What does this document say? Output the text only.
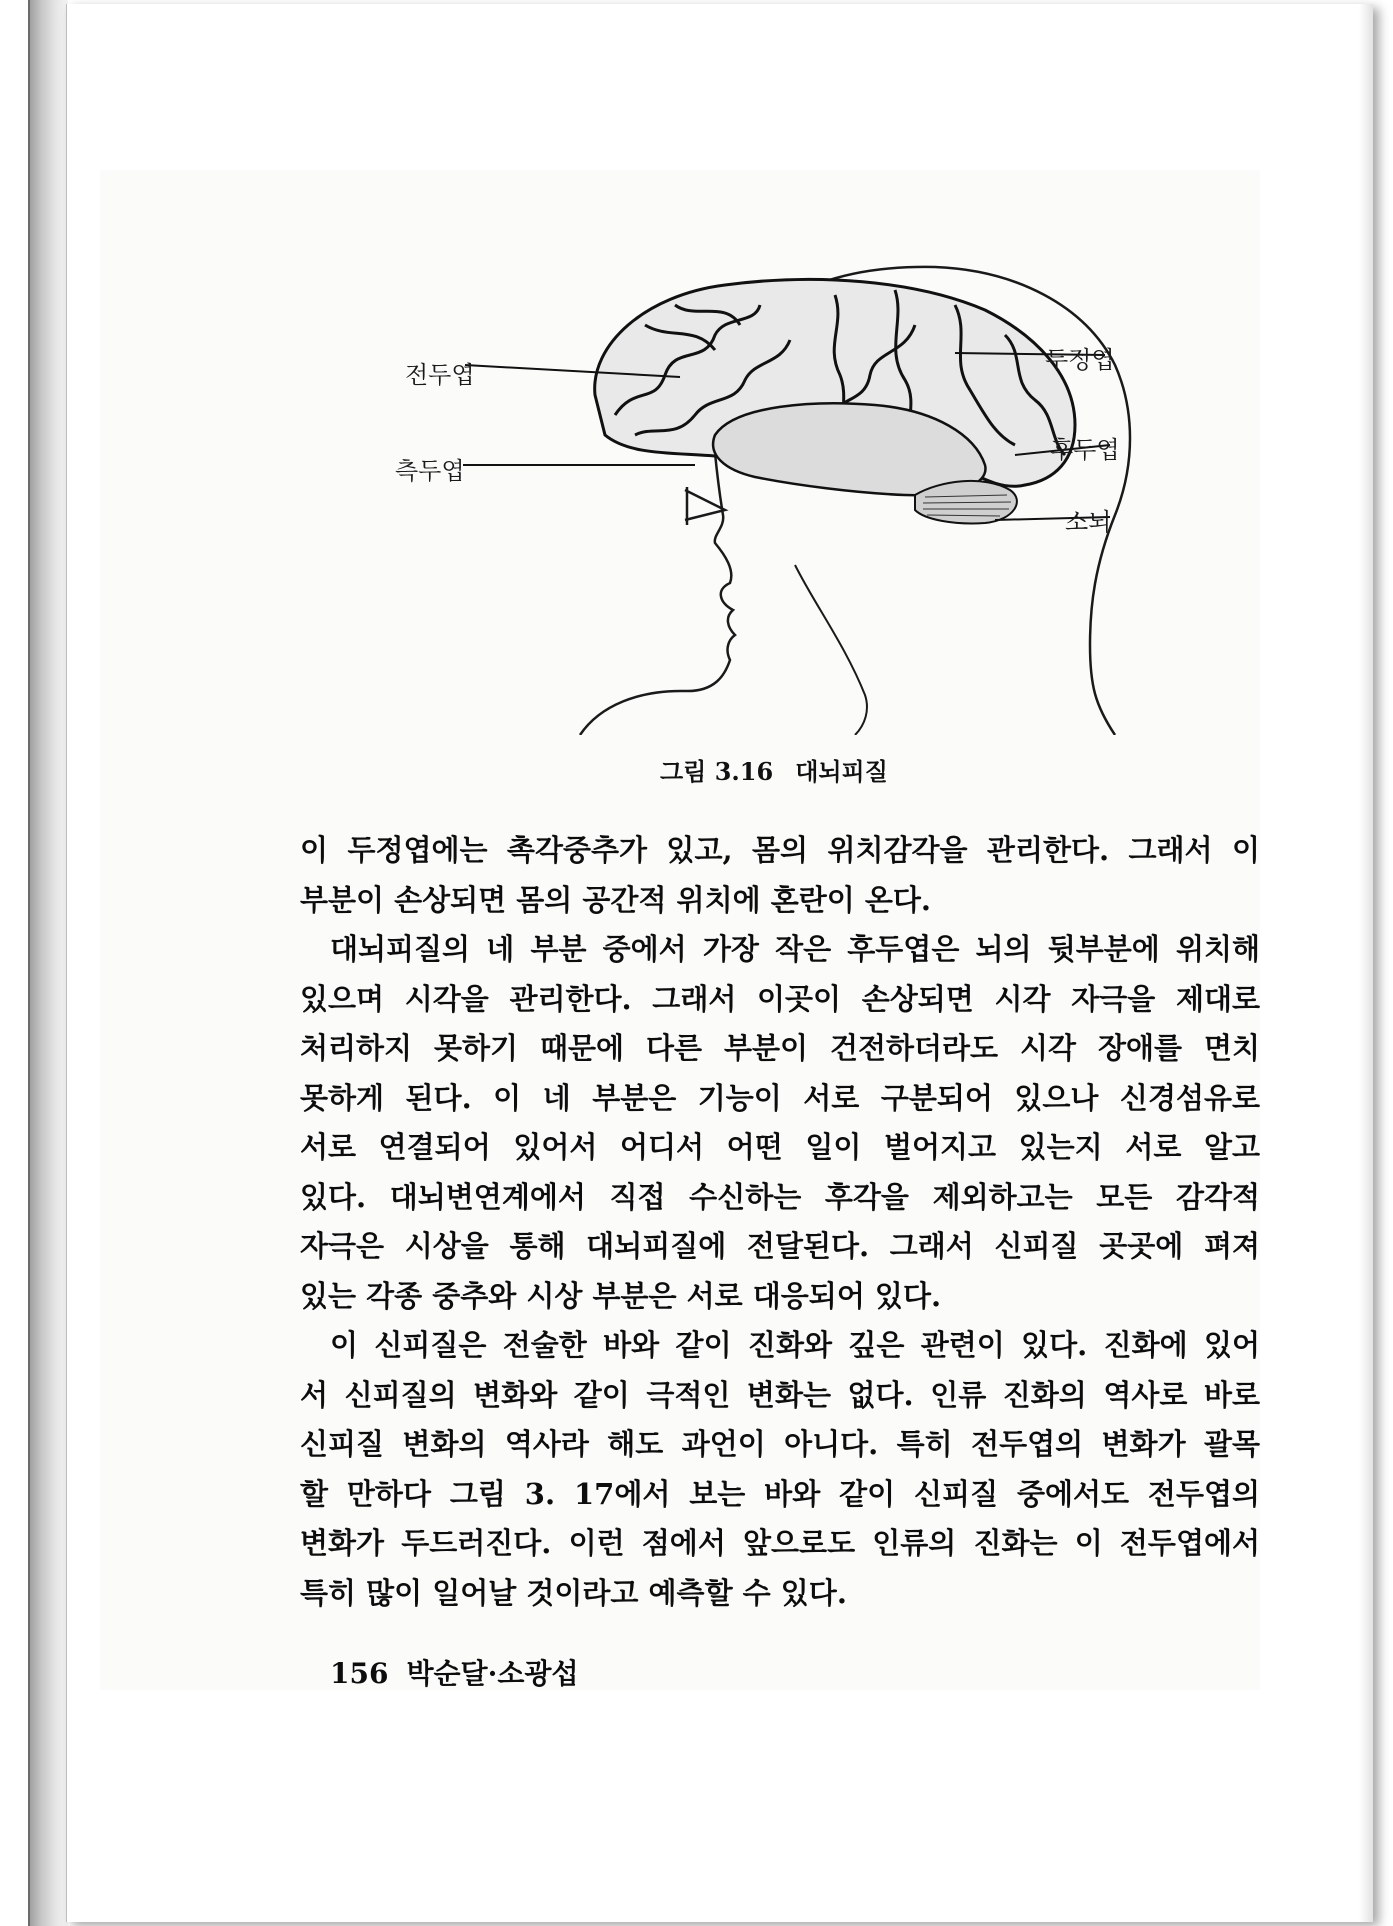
전두엽
측두엽
두정엽
후두엽
소뇌
그림 3.16 대뇌피질
이 두정엽에는 촉각중추가 있고, 몸의 위치감각을 관리한다. 그래서 이
부분이 손상되면 몸의 공간적 위치에 혼란이 온다.
대뇌피질의 네 부분 중에서 가장 작은 후두엽은 뇌의 뒷부분에 위치해
있으며 시각을 관리한다. 그래서 이곳이 손상되면 시각 자극을 제대로
처리하지 못하기 때문에 다른 부분이 건전하더라도 시각 장애를 면치
못하게 된다. 이 네 부분은 기능이 서로 구분되어 있으나 신경섬유로
서로 연결되어 있어서 어디서 어떤 일이 벌어지고 있는지 서로 알고
있다. 대뇌변연계에서 직접 수신하는 후각을 제외하고는 모든 감각적
자극은 시상을 통해 대뇌피질에 전달된다. 그래서 신피질 곳곳에 펴져
있는 각종 중추와 시상 부분은 서로 대응되어 있다.
이 신피질은 전술한 바와 같이 진화와 깊은 관련이 있다. 진화에 있어
서 신피질의 변화와 같이 극적인 변화는 없다. 인류 진화의 역사로 바로
신피질 변화의 역사라 해도 과언이 아니다. 특히 전두엽의 변화가 괄목
할 만하다 그림 3. 17에서 보는 바와 같이 신피질 중에서도 전두엽의
변화가 두드러진다. 이런 점에서 앞으로도 인류의 진화는 이 전두엽에서
특히 많이 일어날 것이라고 예측할 수 있다.
156 박순달·소광섭
